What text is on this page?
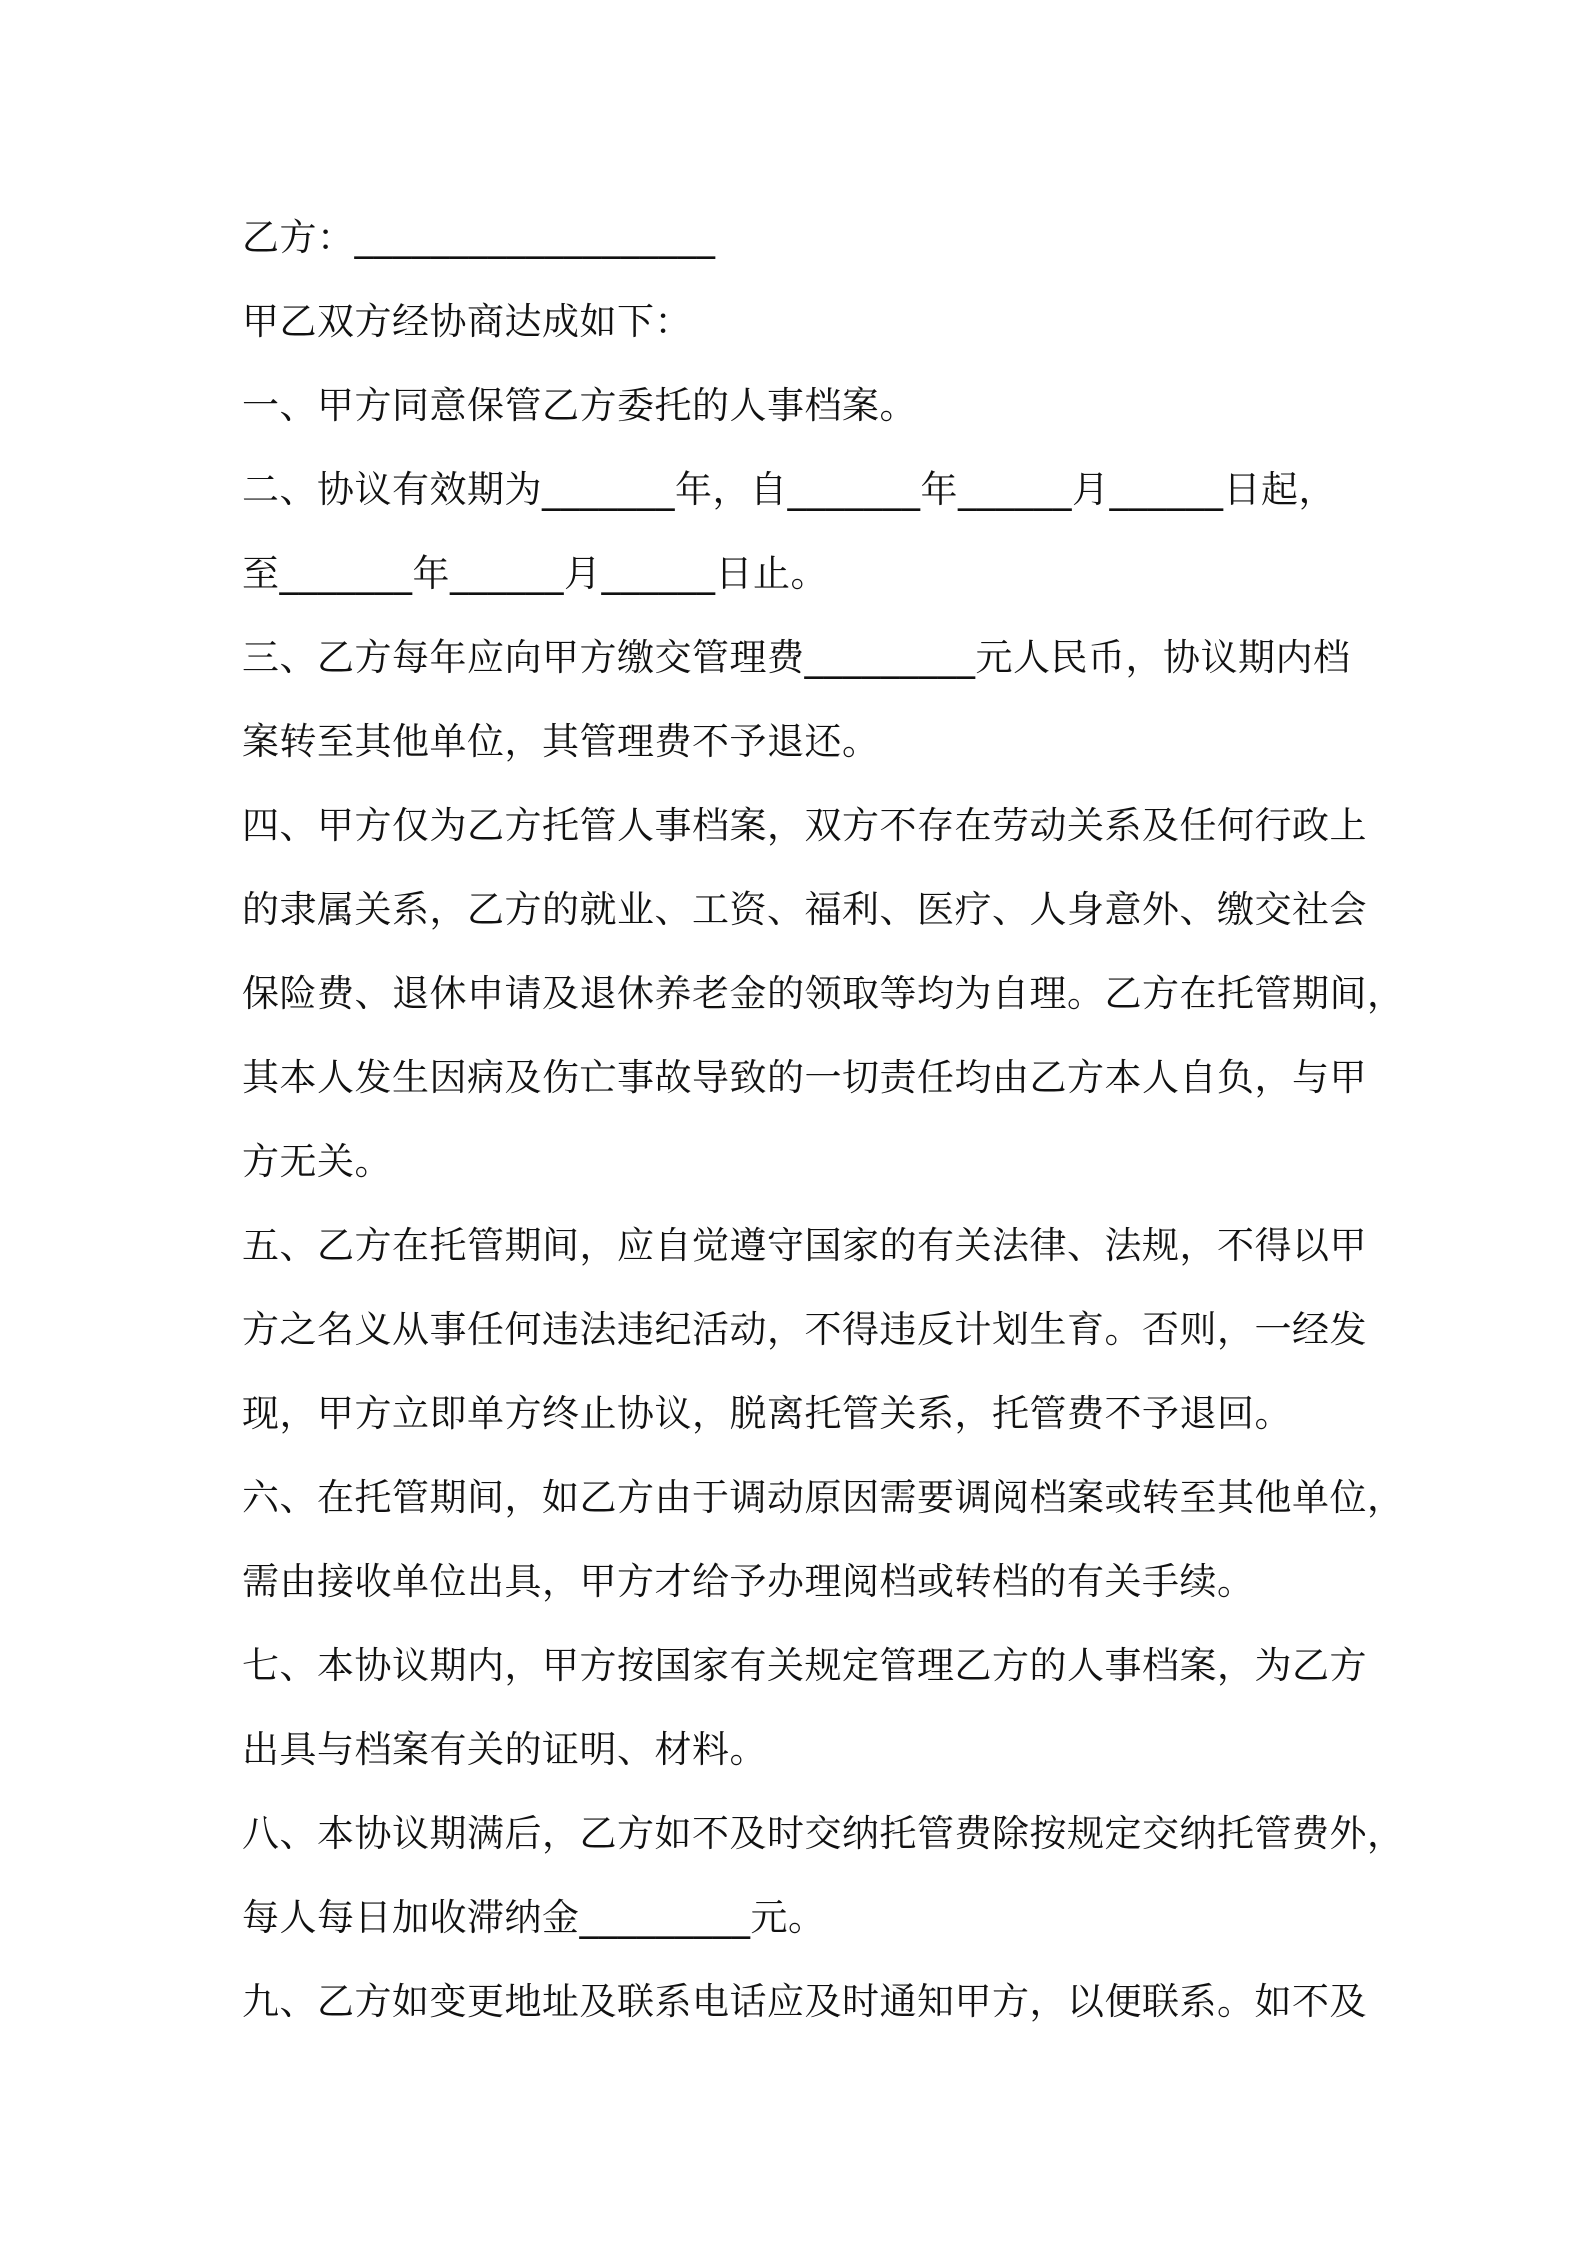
乙方：___________________
甲乙双方经协商达成如下：
一、甲方同意保管乙方委托的人事档案。
二、协议有效期为_______年，自_______年______月______日起，
至_______年______月______日止。
三、乙方每年应向甲方缴交管理费_________元人民币，协议期内档
案转至其他单位，其管理费不予退还。
四、甲方仅为乙方托管人事档案，双方不存在劳动关系及任何行政上
的隶属关系，乙方的就业、工资、福利、医疗、人身意外、缴交社会
保险费、退休申请及退休养老金的领取等均为自理。乙方在托管期间，
其本人发生因病及伤亡事故导致的一切责任均由乙方本人自负，与甲
方无关。
五、乙方在托管期间，应自觉遵守国家的有关法律、法规，不得以甲
方之名义从事任何违法违纪活动，不得违反计划生育。否则，一经发
现，甲方立即单方终止协议，脱离托管关系，托管费不予退回。
六、在托管期间，如乙方由于调动原因需要调阅档案或转至其他单位，
需由接收单位出具，甲方才给予办理阅档或转档的有关手续。
七、本协议期内，甲方按国家有关规定管理乙方的人事档案，为乙方
出具与档案有关的证明、材料。
八、本协议期满后，乙方如不及时交纳托管费除按规定交纳托管费外，
每人每日加收滞纳金_________元。
九、乙方如变更地址及联系电话应及时通知甲方，以便联系。如不及
